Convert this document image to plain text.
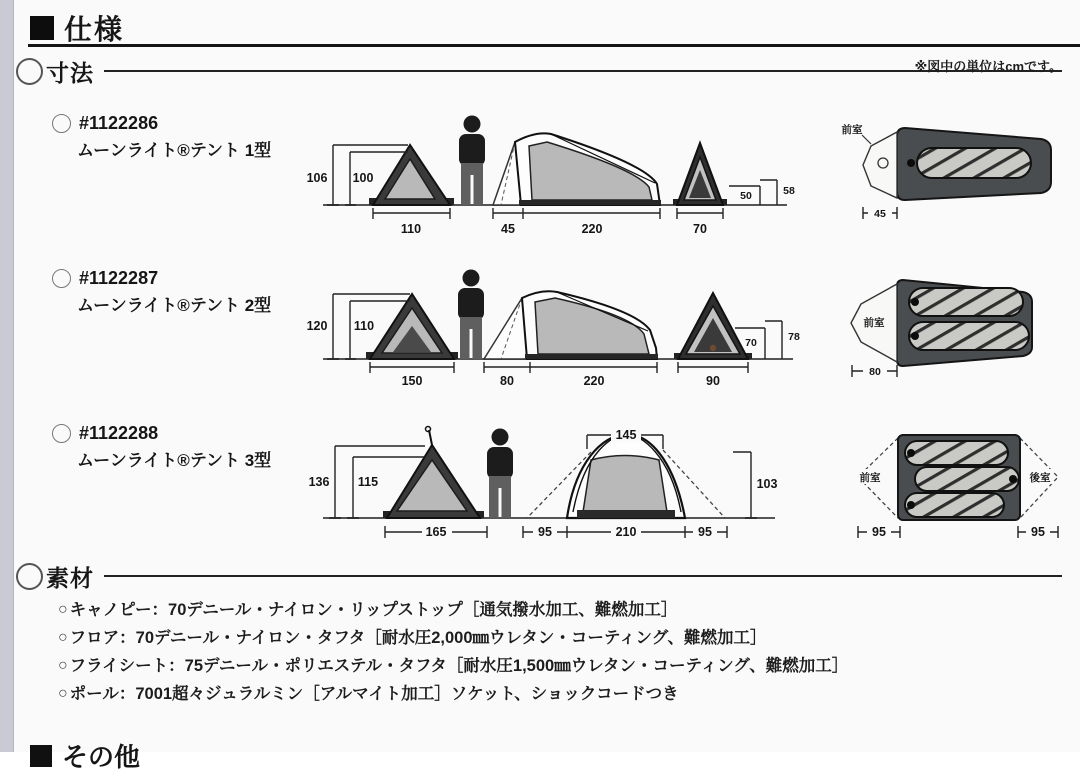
仕様
寸法	※図中の単位はcmです。
#1122286
ムーンライト®テント 1型
106 100
110	45	220	70
50	58
前室
45
#1122287
ムーンライト®テント 2型
120 110
150	80	220	90
70	78
前室
80
#1122288
ムーンライト®テント 3型
136 115
165
145
95	210	95
103	前室	後室
95	95
素材
○ キャノピー：70デニール・ナイロン・リップストップ［通気撥水加工、難燃加工］
○ フロア：70デニール・ナイロン・タフタ［耐水圧2,000㎜ウレタン・コーティング、難燃加工］
○ フライシート：75デニール・ポリエステル・タフタ［耐水圧1,500㎜ウレタン・コーティング、難燃加工］
○ ポール：7001超々ジュラルミン［アルマイト加工］ソケット、ショックコードつき
その他
